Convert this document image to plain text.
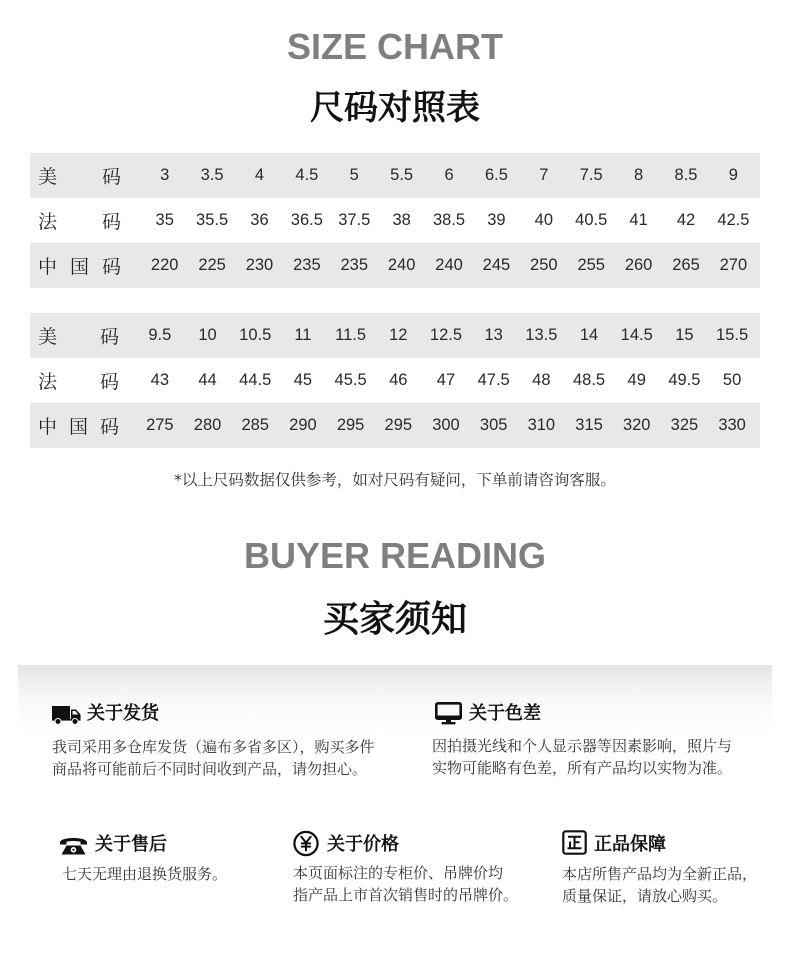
SIZE CHART
尺码对照表
美 码	3	3.5	4	4.5	5	5.5	6	6.5	7	7.5	8	8.5	9
法 码	35	35.5	36	36.5 37.5	38	38.5	39	40	40.5	41	42	42.5
中 国 码	220	225	230	235	235	240	240	245	250	255	260	265	270
美 码	9.5	10	10.5	11	11.5	12	12.5	13	13.5	14	14.5	15	15.5
法 码	43	44	44.5	45	45.5	46	47	47.5	48	48.5	49	49.5	50
中 国 码	275	280	285	290	295	295	300	305	310	315	320	325	330
*以上尺码数据仅供参考，如对尺码有疑问，下单前请咨询客服。
BUYER READING
买家须知
关于发货
我司采用多仓库发货（遍布多省多区），购买多件
商品将可能前后不同时间收到产品，请勿担心。
关于色差
因拍摄光线和个人显示器等因素影响，照片与
实物可能略有色差，所有产品均以实物为准。
关于售后
七天无理由退换货服务。
关于价格
本页面标注的专柜价、吊牌价均
指产品上市首次销售时的吊牌价。
正品保障
本店所售产品均为全新正品，
质量保证，请放心购买。
